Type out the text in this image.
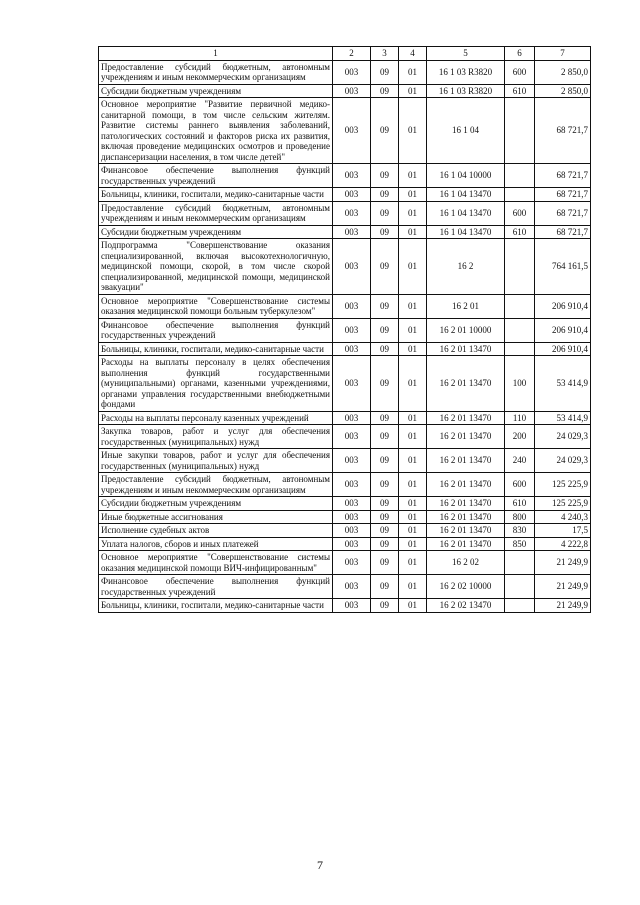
1	2	3	4	5	6	7
Предоставление субсидий бюджетным, автономным учреждениям и иным некоммерческим организациям	003	09	01	16 1 03 R3820	600	2 850,0
Субсидии бюджетным учреждениям	003	09	01	16 1 03 R3820	610	2 850,0
Основное мероприятие "Развитие первичной медико-санитарной помощи, в том числе сельским жителям. Развитие системы раннего выявления заболеваний, патологических состояний и факторов риска их развития, включая проведение медицинских осмотров и проведение диспансеризации населения, в том числе детей"	003	09	01	16 1 04		68 721,7
Финансовое обеспечение выполнения функций государственных учреждений	003	09	01	16 1 04 10000		68 721,7
Больницы, клиники, госпитали, медико-санитарные части	003	09	01	16 1 04 13470		68 721,7
Предоставление субсидий бюджетным, автономным учреждениям и иным некоммерческим организациям	003	09	01	16 1 04 13470	600	68 721,7
Субсидии бюджетным учреждениям	003	09	01	16 1 04 13470	610	68 721,7
Подпрограмма "Совершенствование оказания специализированной, включая высокотехнологичную, медицинской помощи, скорой, в том числе скорой специализированной, медицинской помощи, медицинской эвакуации"	003	09	01	16 2		764 161,5
Основное мероприятие "Совершенствование системы оказания медицинской помощи больным туберкулезом"	003	09	01	16 2 01		206 910,4
Финансовое обеспечение выполнения функций государственных учреждений	003	09	01	16 2 01 10000		206 910,4
Больницы, клиники, госпитали, медико-санитарные части	003	09	01	16 2 01 13470		206 910,4
Расходы на выплаты персоналу в целях обеспечения выполнения функций государственными (муниципальными) органами, казенными учреждениями, органами управления государственными внебюджетными фондами	003	09	01	16 2 01 13470	100	53 414,9
Расходы на выплаты персоналу казенных учреждений	003	09	01	16 2 01 13470	110	53 414,9
Закупка товаров, работ и услуг для обеспечения государственных (муниципальных) нужд	003	09	01	16 2 01 13470	200	24 029,3
Иные закупки товаров, работ и услуг для обеспечения государственных (муниципальных) нужд	003	09	01	16 2 01 13470	240	24 029,3
Предоставление субсидий бюджетным, автономным учреждениям и иным некоммерческим организациям	003	09	01	16 2 01 13470	600	125 225,9
Субсидии бюджетным учреждениям	003	09	01	16 2 01 13470	610	125 225,9
Иные бюджетные ассигнования	003	09	01	16 2 01 13470	800	4 240,3
Исполнение судебных актов	003	09	01	16 2 01 13470	830	17,5
Уплата налогов, сборов и иных платежей	003	09	01	16 2 01 13470	850	4 222,8
Основное мероприятие "Совершенствование системы оказания медицинской помощи ВИЧ-инфицированным"	003	09	01	16 2 02		21 249,9
Финансовое обеспечение выполнения функций государственных учреждений	003	09	01	16 2 02 10000		21 249,9
Больницы, клиники, госпитали, медико-санитарные части	003	09	01	16 2 02 13470		21 249,9
7
